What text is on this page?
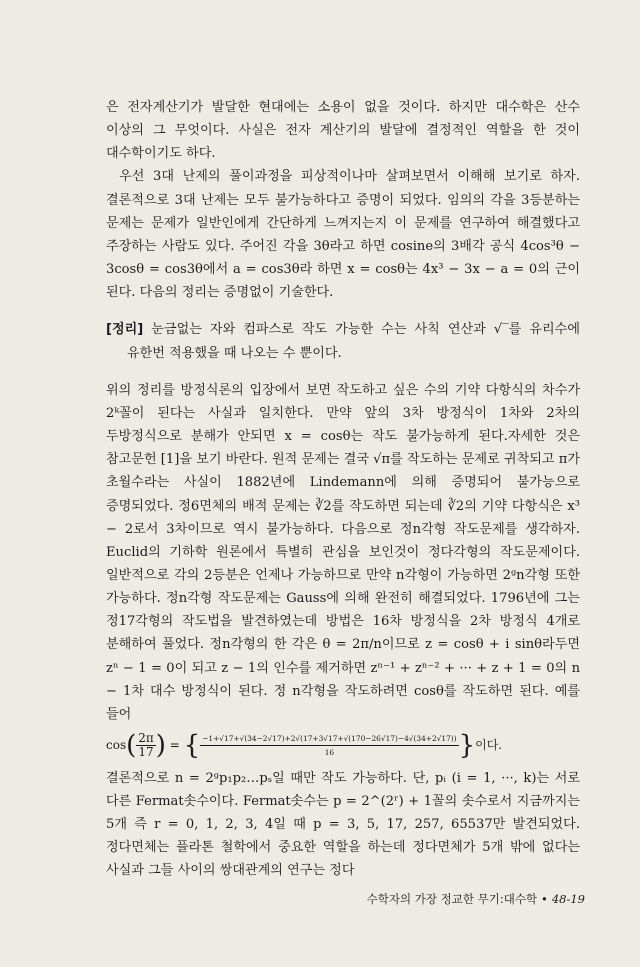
은 전자계산기가 발달한 현대에는 소용이 없을 것이다. 하지만 대수학은 산수 이상의 그 무엇이다. 사실은 전자 계산기의 발달에 결정적인 역할을 한 것이 대수학이기도 하다.

우선 3대 난제의 풀이과정을 피상적이나마 살펴보면서 이해해 보기로 하자. 결론적으로 3대 난제는 모두 불가능하다고 증명이 되었다. 임의의 각을 3등분하는 문제는 문제가 일반인에게 간단하게 느껴지는지 이 문제를 연구하여 해결했다고 주장하는 사람도 있다. 주어진 각을 3θ라고 하면 cosine의 3배각 공식 4cos³θ − 3cosθ = cos3θ에서 a = cos3θ라 하면 x = cosθ는 4x³ − 3x − a = 0의 근이 된다. 다음의 정리는 증명없이 기술한다.

[정리] 눈금없는 자와 컴파스로 작도 가능한 수는 사칙 연산과 √‾를 유리수에 유한번 적용했을 때 나오는 수 뿐이다.

위의 정리를 방정식론의 입장에서 보면 작도하고 싶은 수의 기약 다항식의 차수가 2ᵏ꼴이 된다는 사실과 일치한다. 만약 앞의 3차 방정식이 1차와 2차의 두방정식으로 분해가 안되면 x = cosθ는 작도 불가능하게 된다.자세한 것은 참고문헌 [1]을 보기 바란다. 원적 문제는 결국 √π를 작도하는 문제로 귀착되고 π가 초월수라는 사실이 1882년에 Lindemann에 의해 증명되어 불가능으로 증명되었다. 정6면체의 배적 문제는 ∛2를 작도하면 되는데 ∛2의 기약 다항식은 x³ − 2로서 3차이므로 역시 불가능하다. 다음으로 정n각형 작도문제를 생각하자. Euclid의 기하학 원론에서 특별히 관심을 보인것이 정다각형의 작도문제이다. 일반적으로 각의 2등분은 언제나 가능하므로 만약 n각형이 가능하면 2ᵍn각형 또한 가능하다. 정n각형 작도문제는 Gauss에 의해 완전히 해결되었다. 1796년에 그는 정17각형의 작도법을 발견하였는데 방법은 16차 방정식을 2차 방정식 4개로 분해하여 풀었다. 정n각형의 한 각은 θ = 2π/n이므로 z = cosθ + i sinθ라두면 zⁿ − 1 = 0이 되고 z − 1의 인수를 제거하면 zⁿ⁻¹ + zⁿ⁻² + ··· + z + 1 = 0의 n − 1차 대수 방정식이 된다. 정 n각형을 작도하려면 cosθ를 작도하면 된다. 예를 들어

$\cos( \frac{2\pi}{17}$ ) = { $\frac{-1+√17+√(34-2√17)+2√(17+3√17+√(170-26√17)-4√(34+2√17))}{16}$ }이다.

결론적으로 n = 2ᵍp₁p₂…pₛ일 때만 작도 가능하다. 단, pᵢ (i = 1, ···, k)는 서로 다른 Fermat솟수이다. Fermat솟수는 p = 2^(2ʳ) + 1꼴의 솟수로서 지금까지는 5개 즉 r = 0, 1, 2, 3, 4일 때 p = 3, 5, 17, 257, 65537만 발견되었다. 정다면체는 플라톤 철학에서 중요한 역할을 하는데 정다면체가 5개 밖에 없다는 사실과 그들 사이의 쌍대관계의 연구는 정다

수학자의 가장 정교한 무기:대수학 • 48-19
